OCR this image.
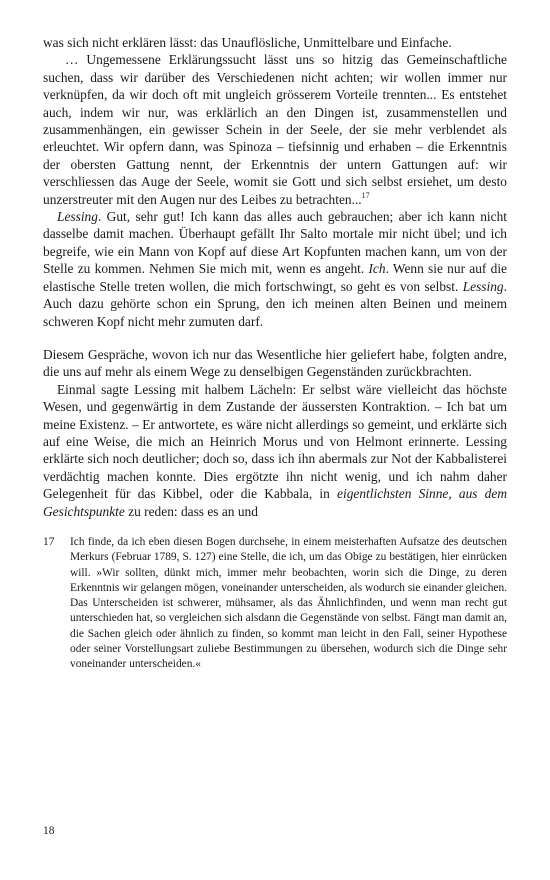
was sich nicht erklären lässt: das Unauflösliche, Unmittelbare und Einfache.

… Ungemessene Erklärungssucht lässt uns so hitzig das Gemeinschaftliche suchen, dass wir darüber des Verschiedenen nicht achten; wir wollen immer nur verknüpfen, da wir doch oft mit ungleich grösserem Vorteile trennten... Es entstehet auch, indem wir nur, was erklärlich an den Dingen ist, zusammenstellen und zusammenhängen, ein gewisser Schein in der Seele, der sie mehr verblendet als erleuchtet. Wir opfern dann, was Spinoza – tiefsinnig und erhaben – die Erkenntnis der obersten Gattung nennt, der Erkenntnis der untern Gattungen auf: wir verschliessen das Auge der Seele, womit sie Gott und sich selbst ersiehet, um desto unzerstreuter mit den Augen nur des Leibes zu betrachten...$^{17}$

Lessing. Gut, sehr gut! Ich kann das alles auch gebrauchen; aber ich kann nicht dasselbe damit machen. Überhaupt gefällt Ihr Salto mortale mir nicht übel; und ich begreife, wie ein Mann von Kopf auf diese Art Kopfunten machen kann, um von der Stelle zu kommen. Nehmen Sie mich mit, wenn es angeht. Ich. Wenn sie nur auf die elastische Stelle treten wollen, die mich fortschwingt, so geht es von selbst. Lessing. Auch dazu gehörte schon ein Sprung, den ich meinen alten Beinen und meinem schweren Kopf nicht mehr zumuten darf.

Diesem Gespräche, wovon ich nur das Wesentliche hier geliefert habe, folgten andre, die uns auf mehr als einem Wege zu denselbigen Gegenständen zurückbrachten.

Einmal sagte Lessing mit halbem Lächeln: Er selbst wäre vielleicht das höchste Wesen, und gegenwärtig in dem Zustande der äussersten Kontraktion. – Ich bat um meine Existenz. – Er antwortete, es wäre nicht allerdings so gemeint, und erklärte sich auf eine Weise, die mich an Heinrich Morus und von Helmont erinnerte. Lessing erklärte sich noch deutlicher; doch so, dass ich ihn abermals zur Not der Kabbalisterei verdächtig machen konnte. Dies ergötzte ihn nicht wenig, und ich nahm daher Gelegenheit für das Kibbel, oder die Kabbala, in eigentlichsten Sinne, aus dem Gesichtspunkte zu reden: dass es an und

17	Ich finde, da ich eben diesen Bogen durchsehe, in einem meisterhaften Aufsatze des deutschen Merkurs (Februar 1789, S. 127) eine Stelle, die ich, um das Obige zu bestätigen, hier einrücken will. »Wir sollten, dünkt mich, immer mehr beobachten, worin sich die Dinge, zu deren Erkenntnis wir gelangen mögen, voneinander unterscheiden, als wodurch sie einander gleichen. Das Unterscheiden ist schwerer, mühsamer, als das Ähnlichfinden, und wenn man recht gut unterschieden hat, so vergleichen sich alsdann die Gegenstände von selbst. Fängt man damit an, die Sachen gleich oder ähnlich zu finden, so kommt man leicht in den Fall, seiner Hypothese oder seiner Vorstellungsart zuliebe Bestimmungen zu übersehen, wodurch sich die Dinge sehr voneinander unterscheiden.«
18
